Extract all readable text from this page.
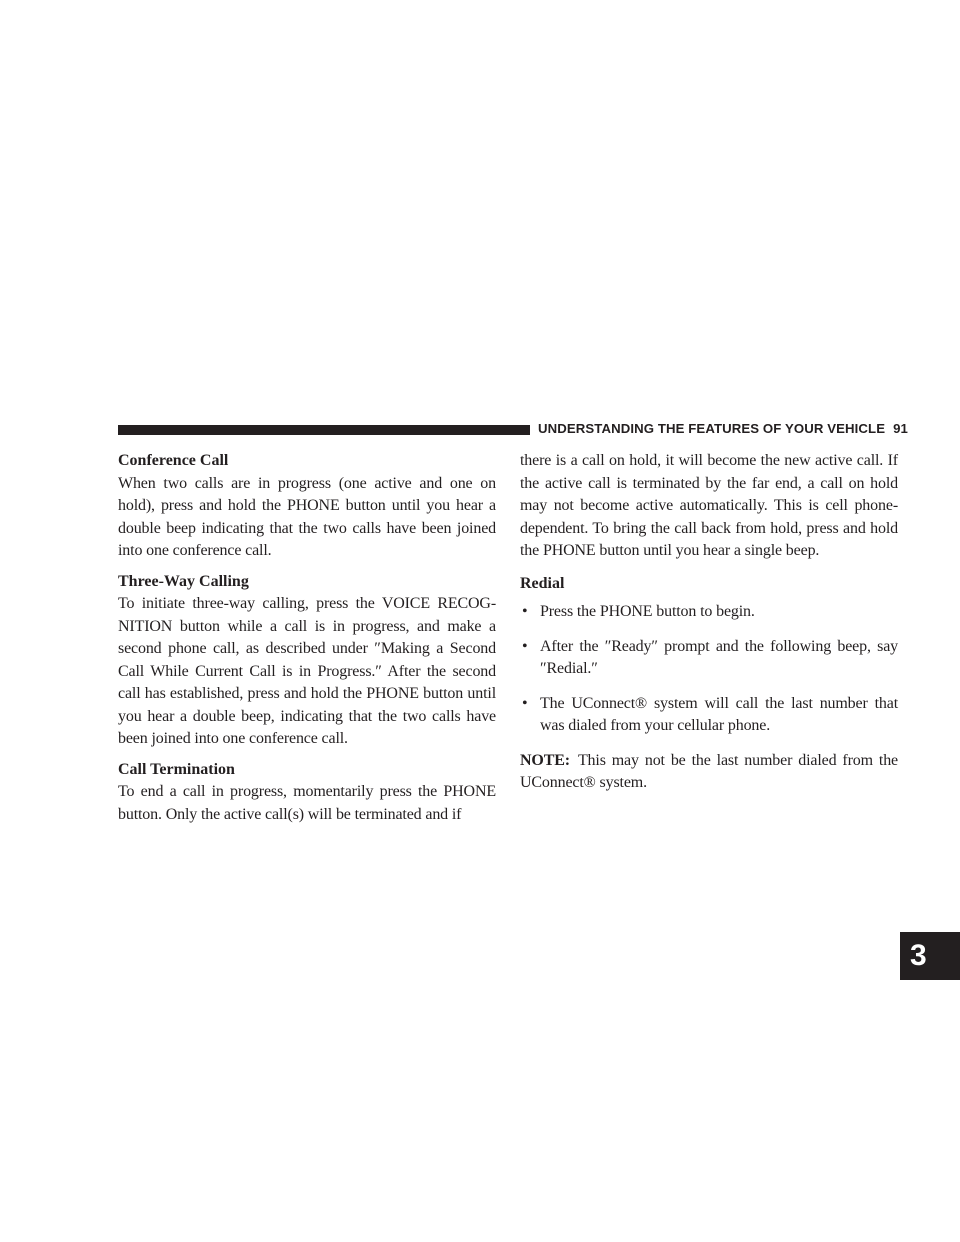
UNDERSTANDING THE FEATURES OF YOUR VEHICLE 91
3

Conference Call

When two calls are in progress (one active and one on hold), press and hold the PHONE button until you hear a double beep indicating that the two calls have been joined into one conference call.

Three-Way Calling

To initiate three-way calling, press the VOICE RECOG-NITION button while a call is in progress, and make a second phone call, as described under ″Making a Second Call While Current Call is in Progress.″ After the second call has established, press and hold the PHONE button until you hear a double beep, indicating that the two calls have been joined into one conference call.

Call Termination

To end a call in progress, momentarily press the PHONE button. Only the active call(s) will be terminated and if

there is a call on hold, it will become the new active call. If the active call is terminated by the far end, a call on hold may not become active automatically. This is cell phone-dependent. To bring the call back from hold, press and hold the PHONE button until you hear a single beep.

Redial

• Press the PHONE button to begin.
• After the ″Ready″ prompt and the following beep, say ″Redial.″
• The UConnect® system will call the last number that was dialed from your cellular phone.

NOTE: This may not be the last number dialed from the UConnect® system.
